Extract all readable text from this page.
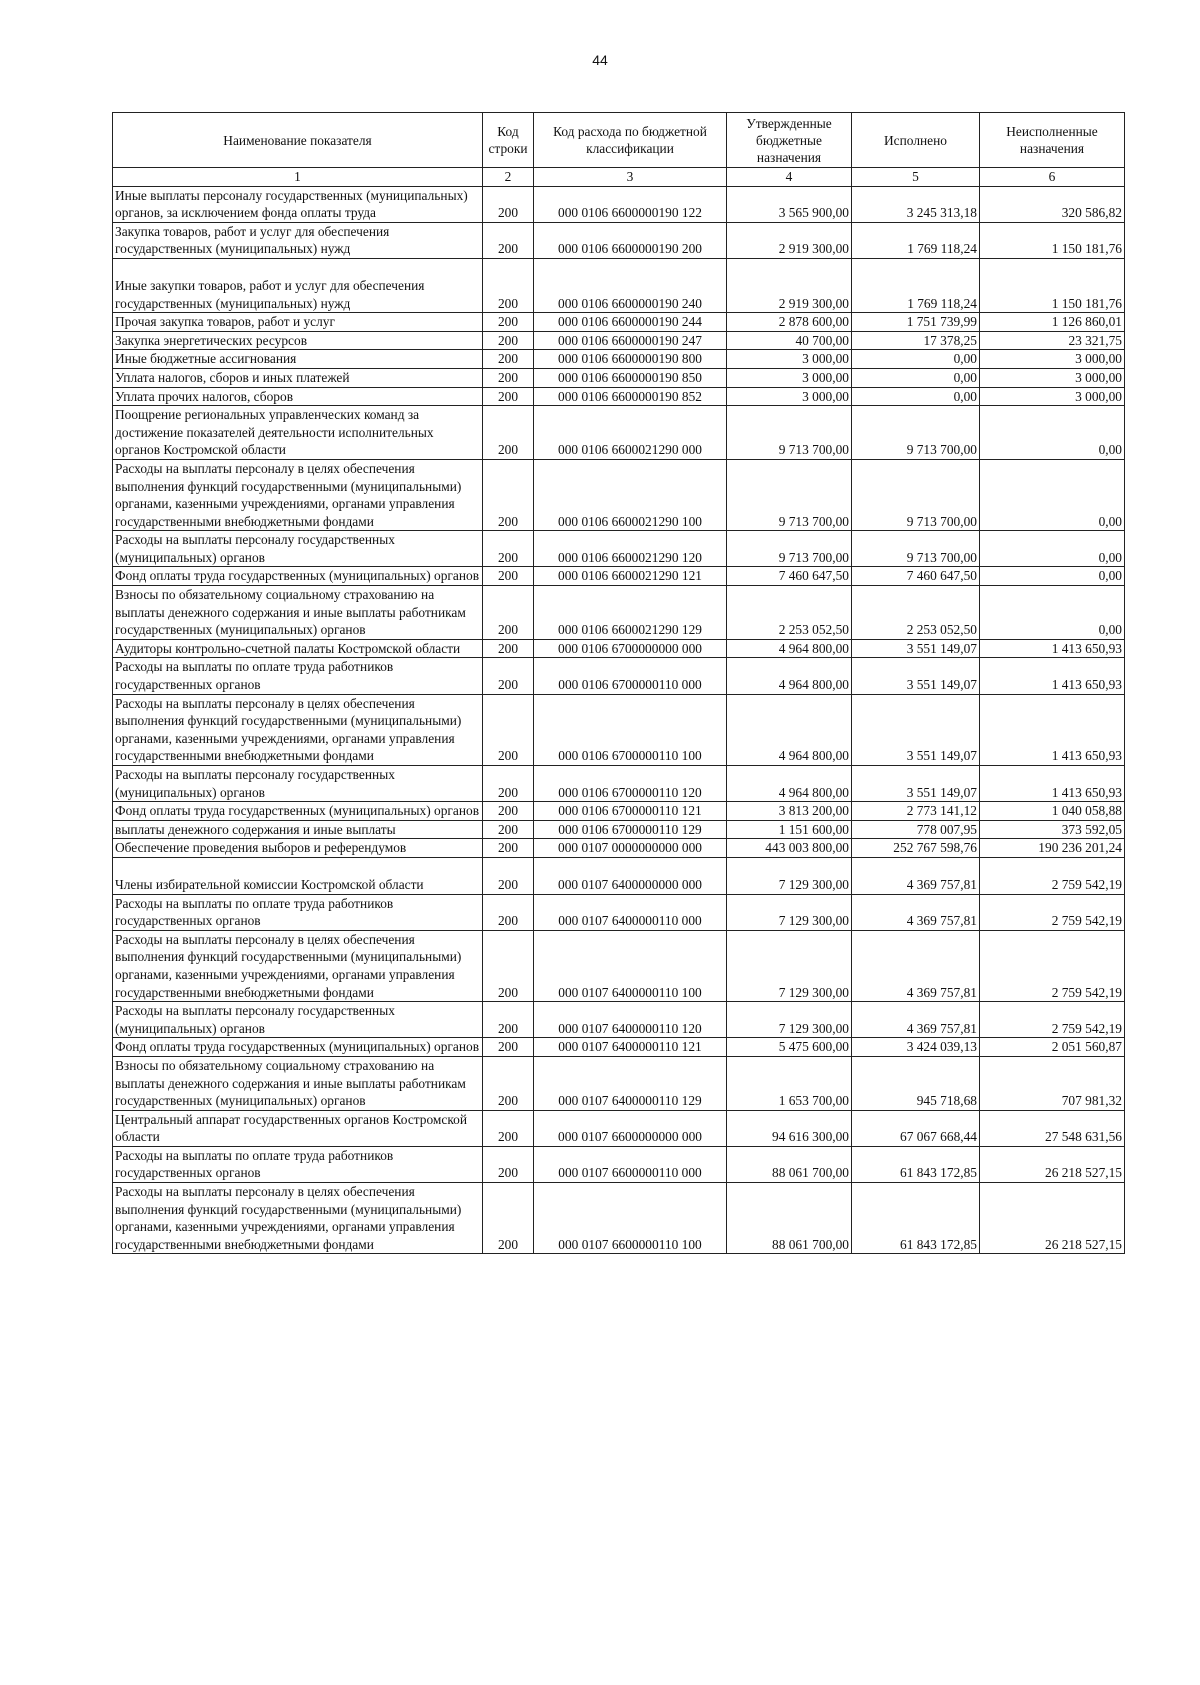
44
Наименование показателя	Код строки	Код расхода по бюджетной классификации	Утвержденные бюджетные назначения	Исполнено	Неисполненные назначения
1	2	3	4	5	6
Иные выплаты персоналу государственных (муниципальных) органов, за исключением фонда оплаты труда	200	000 0106 6600000190 122	3 565 900,00	3 245 313,18	320 586,82
Закупка товаров, работ и услуг для обеспечения государственных (муниципальных) нужд	200	000 0106 6600000190 200	2 919 300,00	1 769 118,24	1 150 181,76
Иные закупки товаров, работ и услуг для обеспечения государственных (муниципальных) нужд	200	000 0106 6600000190 240	2 919 300,00	1 769 118,24	1 150 181,76
Прочая закупка товаров, работ и услуг	200	000 0106 6600000190 244	2 878 600,00	1 751 739,99	1 126 860,01
Закупка энергетических ресурсов	200	000 0106 6600000190 247	40 700,00	17 378,25	23 321,75
Иные бюджетные ассигнования	200	000 0106 6600000190 800	3 000,00	0,00	3 000,00
Уплата налогов, сборов и иных платежей	200	000 0106 6600000190 850	3 000,00	0,00	3 000,00
Уплата прочих налогов, сборов	200	000 0106 6600000190 852	3 000,00	0,00	3 000,00
Поощрение региональных управленческих команд за достижение показателей деятельности исполнительных органов Костромской области	200	000 0106 6600021290 000	9 713 700,00	9 713 700,00	0,00
Расходы на выплаты персоналу в целях обеспечения выполнения функций государственными (муниципальными) органами, казенными учреждениями, органами управления государственными внебюджетными фондами	200	000 0106 6600021290 100	9 713 700,00	9 713 700,00	0,00
Расходы на выплаты персоналу государственных (муниципальных) органов	200	000 0106 6600021290 120	9 713 700,00	9 713 700,00	0,00
Фонд оплаты труда государственных (муниципальных) органов	200	000 0106 6600021290 121	7 460 647,50	7 460 647,50	0,00
Взносы по обязательному социальному страхованию на выплаты денежного содержания и иные выплаты работникам государственных (муниципальных) органов	200	000 0106 6600021290 129	2 253 052,50	2 253 052,50	0,00
Аудиторы контрольно-счетной палаты Костромской области	200	000 0106 6700000000 000	4 964 800,00	3 551 149,07	1 413 650,93
Расходы на выплаты по оплате труда работников государственных органов	200	000 0106 6700000110 000	4 964 800,00	3 551 149,07	1 413 650,93
Расходы на выплаты персоналу в целях обеспечения выполнения функций государственными (муниципальными) органами, казенными учреждениями, органами управления государственными внебюджетными фондами	200	000 0106 6700000110 100	4 964 800,00	3 551 149,07	1 413 650,93
Расходы на выплаты персоналу государственных (муниципальных) органов	200	000 0106 6700000110 120	4 964 800,00	3 551 149,07	1 413 650,93
Фонд оплаты труда государственных (муниципальных) органов	200	000 0106 6700000110 121	3 813 200,00	2 773 141,12	1 040 058,88
выплаты денежного содержания и иные выплаты	200	000 0106 6700000110 129	1 151 600,00	778 007,95	373 592,05
Обеспечение проведения выборов и референдумов	200	000 0107 0000000000 000	443 003 800,00	252 767 598,76	190 236 201,24
Члены избирательной комиссии Костромской области	200	000 0107 6400000000 000	7 129 300,00	4 369 757,81	2 759 542,19
Расходы на выплаты по оплате труда работников государственных органов	200	000 0107 6400000110 000	7 129 300,00	4 369 757,81	2 759 542,19
Расходы на выплаты персоналу в целях обеспечения выполнения функций государственными (муниципальными) органами, казенными учреждениями, органами управления государственными внебюджетными фондами	200	000 0107 6400000110 100	7 129 300,00	4 369 757,81	2 759 542,19
Расходы на выплаты персоналу государственных (муниципальных) органов	200	000 0107 6400000110 120	7 129 300,00	4 369 757,81	2 759 542,19
Фонд оплаты труда государственных (муниципальных) органов	200	000 0107 6400000110 121	5 475 600,00	3 424 039,13	2 051 560,87
Взносы по обязательному социальному страхованию на выплаты денежного содержания и иные выплаты работникам государственных (муниципальных) органов	200	000 0107 6400000110 129	1 653 700,00	945 718,68	707 981,32
Центральный аппарат государственных органов Костромской области	200	000 0107 6600000000 000	94 616 300,00	67 067 668,44	27 548 631,56
Расходы на выплаты по оплате труда работников государственных органов	200	000 0107 6600000110 000	88 061 700,00	61 843 172,85	26 218 527,15
Расходы на выплаты персоналу в целях обеспечения выполнения функций государственными (муниципальными) органами, казенными учреждениями, органами управления государственными внебюджетными фондами	200	000 0107 6600000110 100	88 061 700,00	61 843 172,85	26 218 527,15
